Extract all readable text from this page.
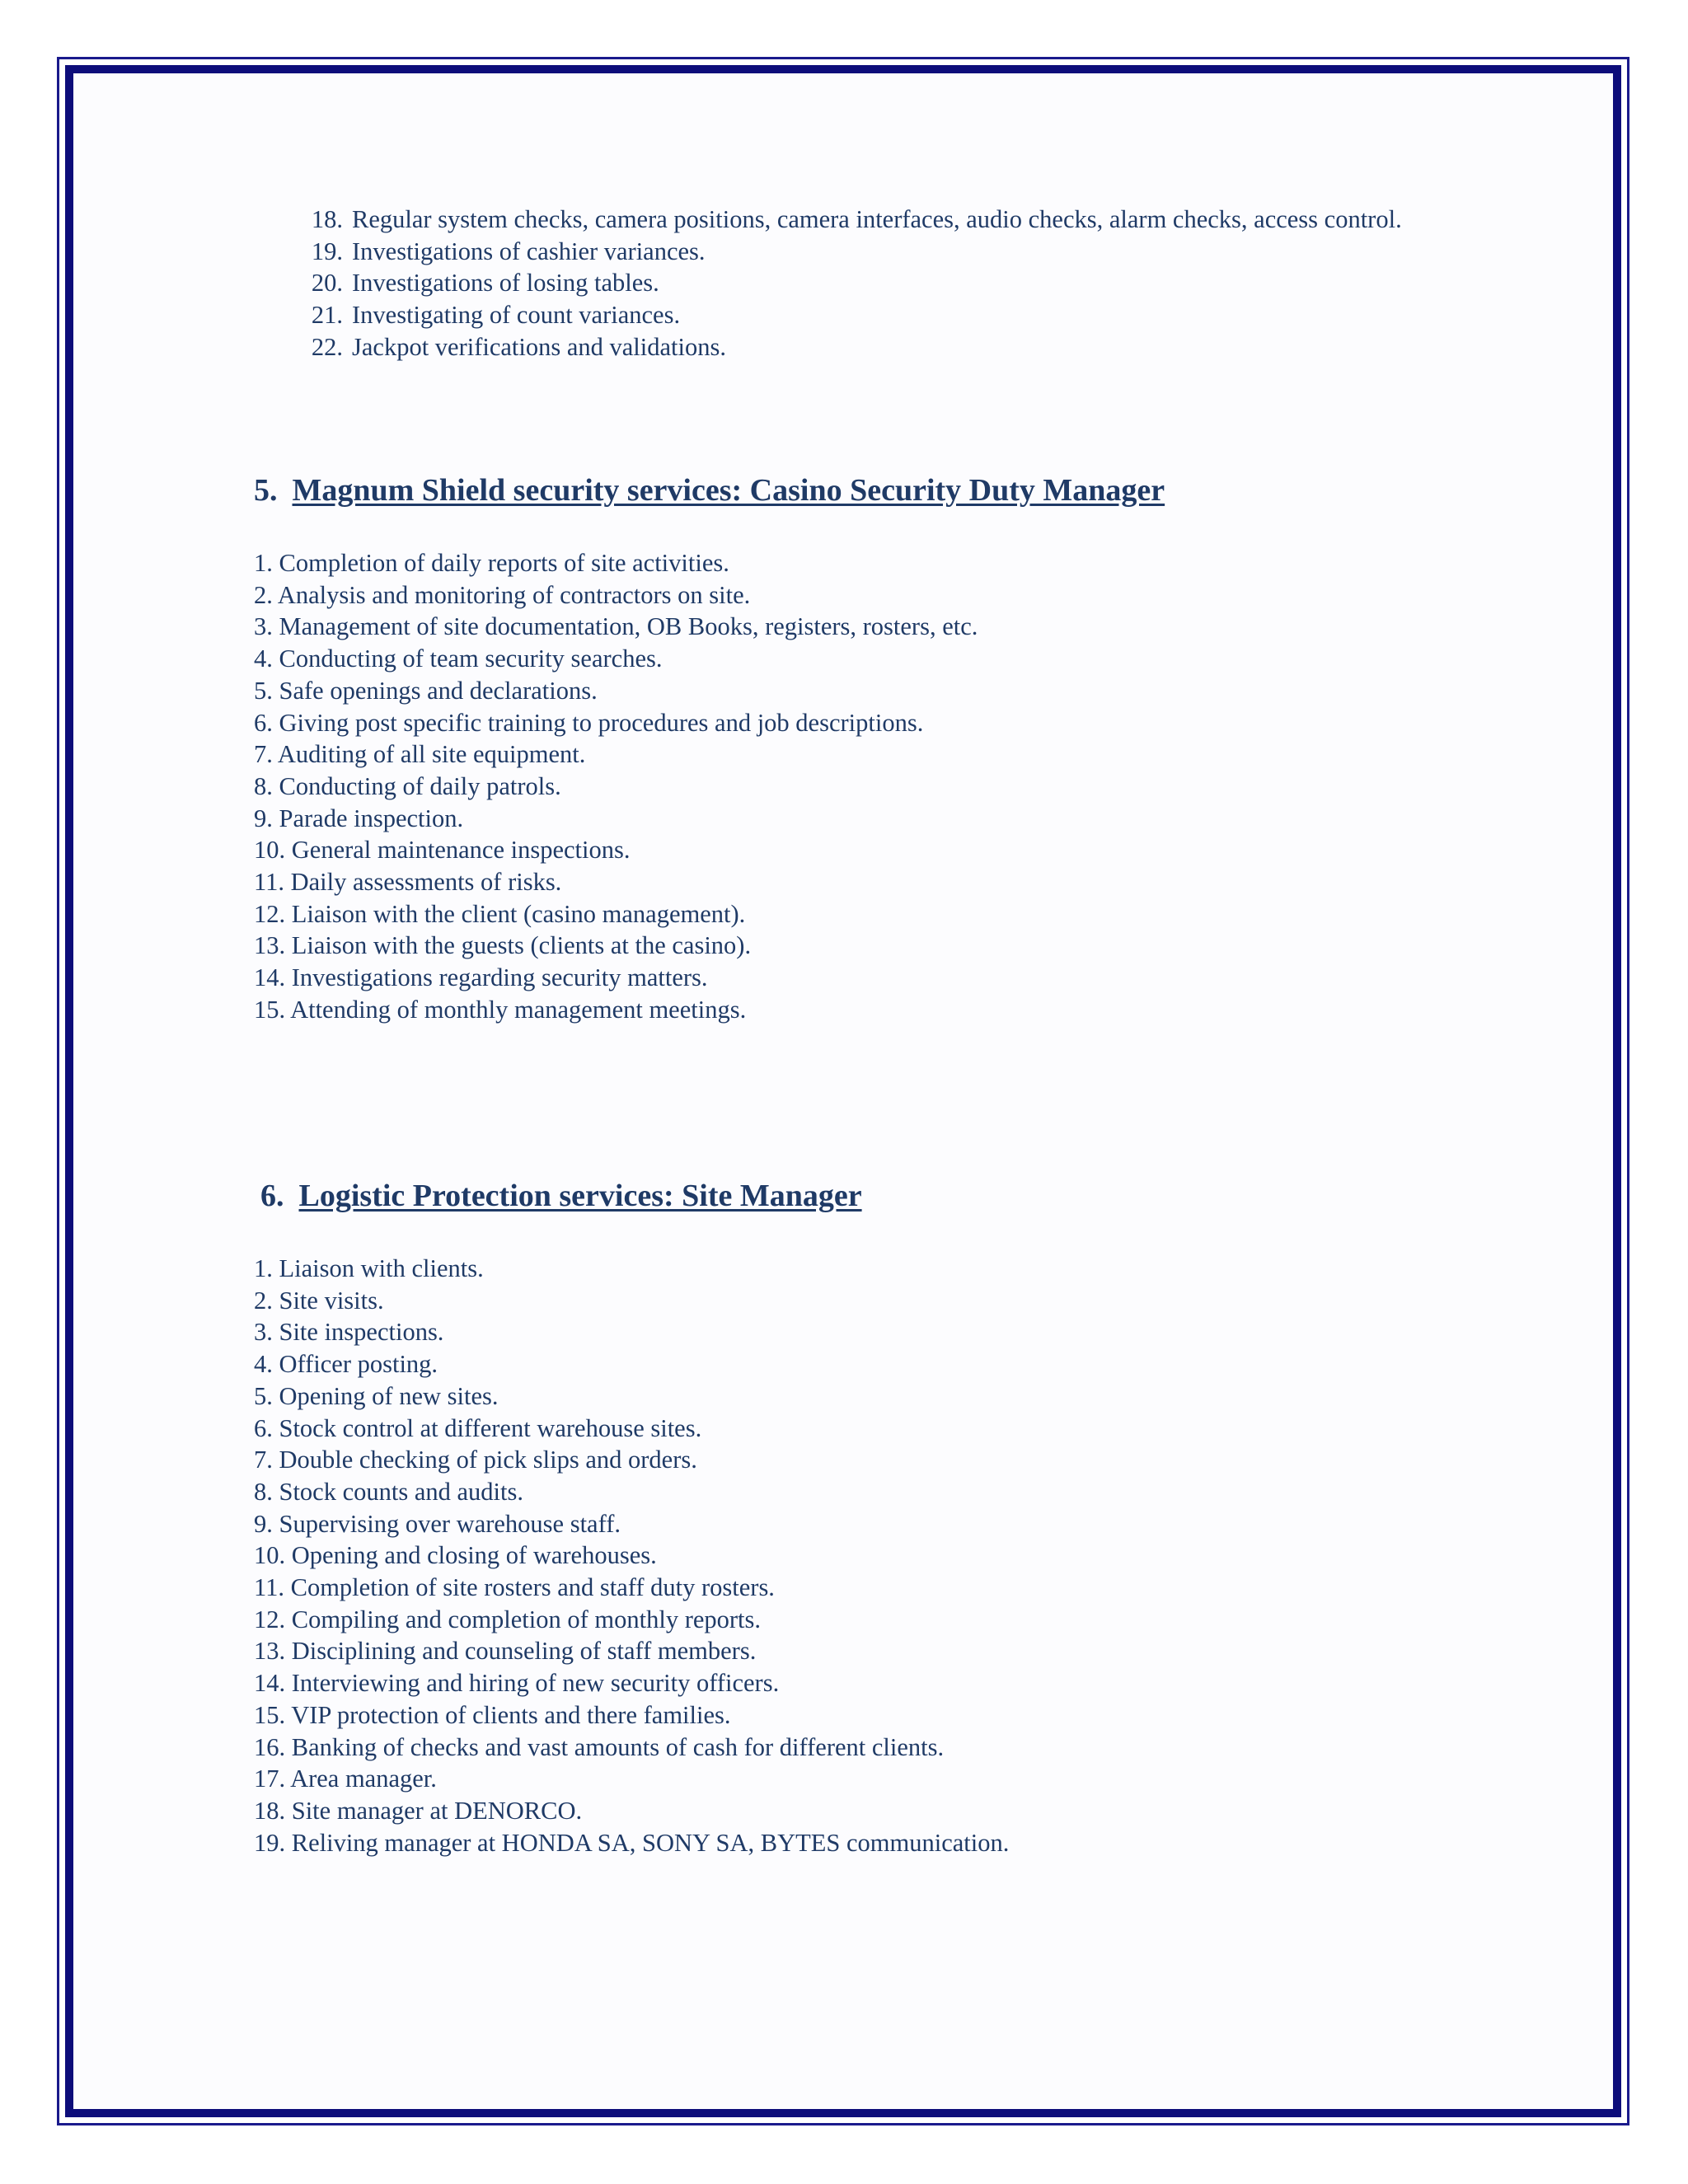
18. Regular system checks, camera positions, camera interfaces, audio checks, alarm checks, access control.
19. Investigations of cashier variances.
20. Investigations of losing tables.
21. Investigating of count variances.
22. Jackpot verifications and validations.
5. Magnum Shield security services: Casino Security Duty Manager
1. Completion of daily reports of site activities.
2. Analysis and monitoring of contractors on site.
3. Management of site documentation, OB Books, registers, rosters, etc.
4. Conducting of team security searches.
5. Safe openings and declarations.
6. Giving post specific training to procedures and job descriptions.
7. Auditing of all site equipment.
8. Conducting of daily patrols.
9. Parade inspection.
10. General maintenance inspections.
11. Daily assessments of risks.
12. Liaison with the client (casino management).
13. Liaison with the guests (clients at the casino).
14. Investigations regarding security matters.
15. Attending of monthly management meetings.
6. Logistic Protection services: Site Manager
1. Liaison with clients.
2. Site visits.
3. Site inspections.
4. Officer posting.
5. Opening of new sites.
6. Stock control at different warehouse sites.
7. Double checking of pick slips and orders.
8. Stock counts and audits.
9. Supervising over warehouse staff.
10. Opening and closing of warehouses.
11. Completion of site rosters and staff duty rosters.
12. Compiling and completion of monthly reports.
13. Disciplining and counseling of staff members.
14. Interviewing and hiring of new security officers.
15. VIP protection of clients and there families.
16. Banking of checks and vast amounts of cash for different clients.
17. Area manager.
18. Site manager at DENORCO.
19. Reliving manager at HONDA SA, SONY SA, BYTES communication.
